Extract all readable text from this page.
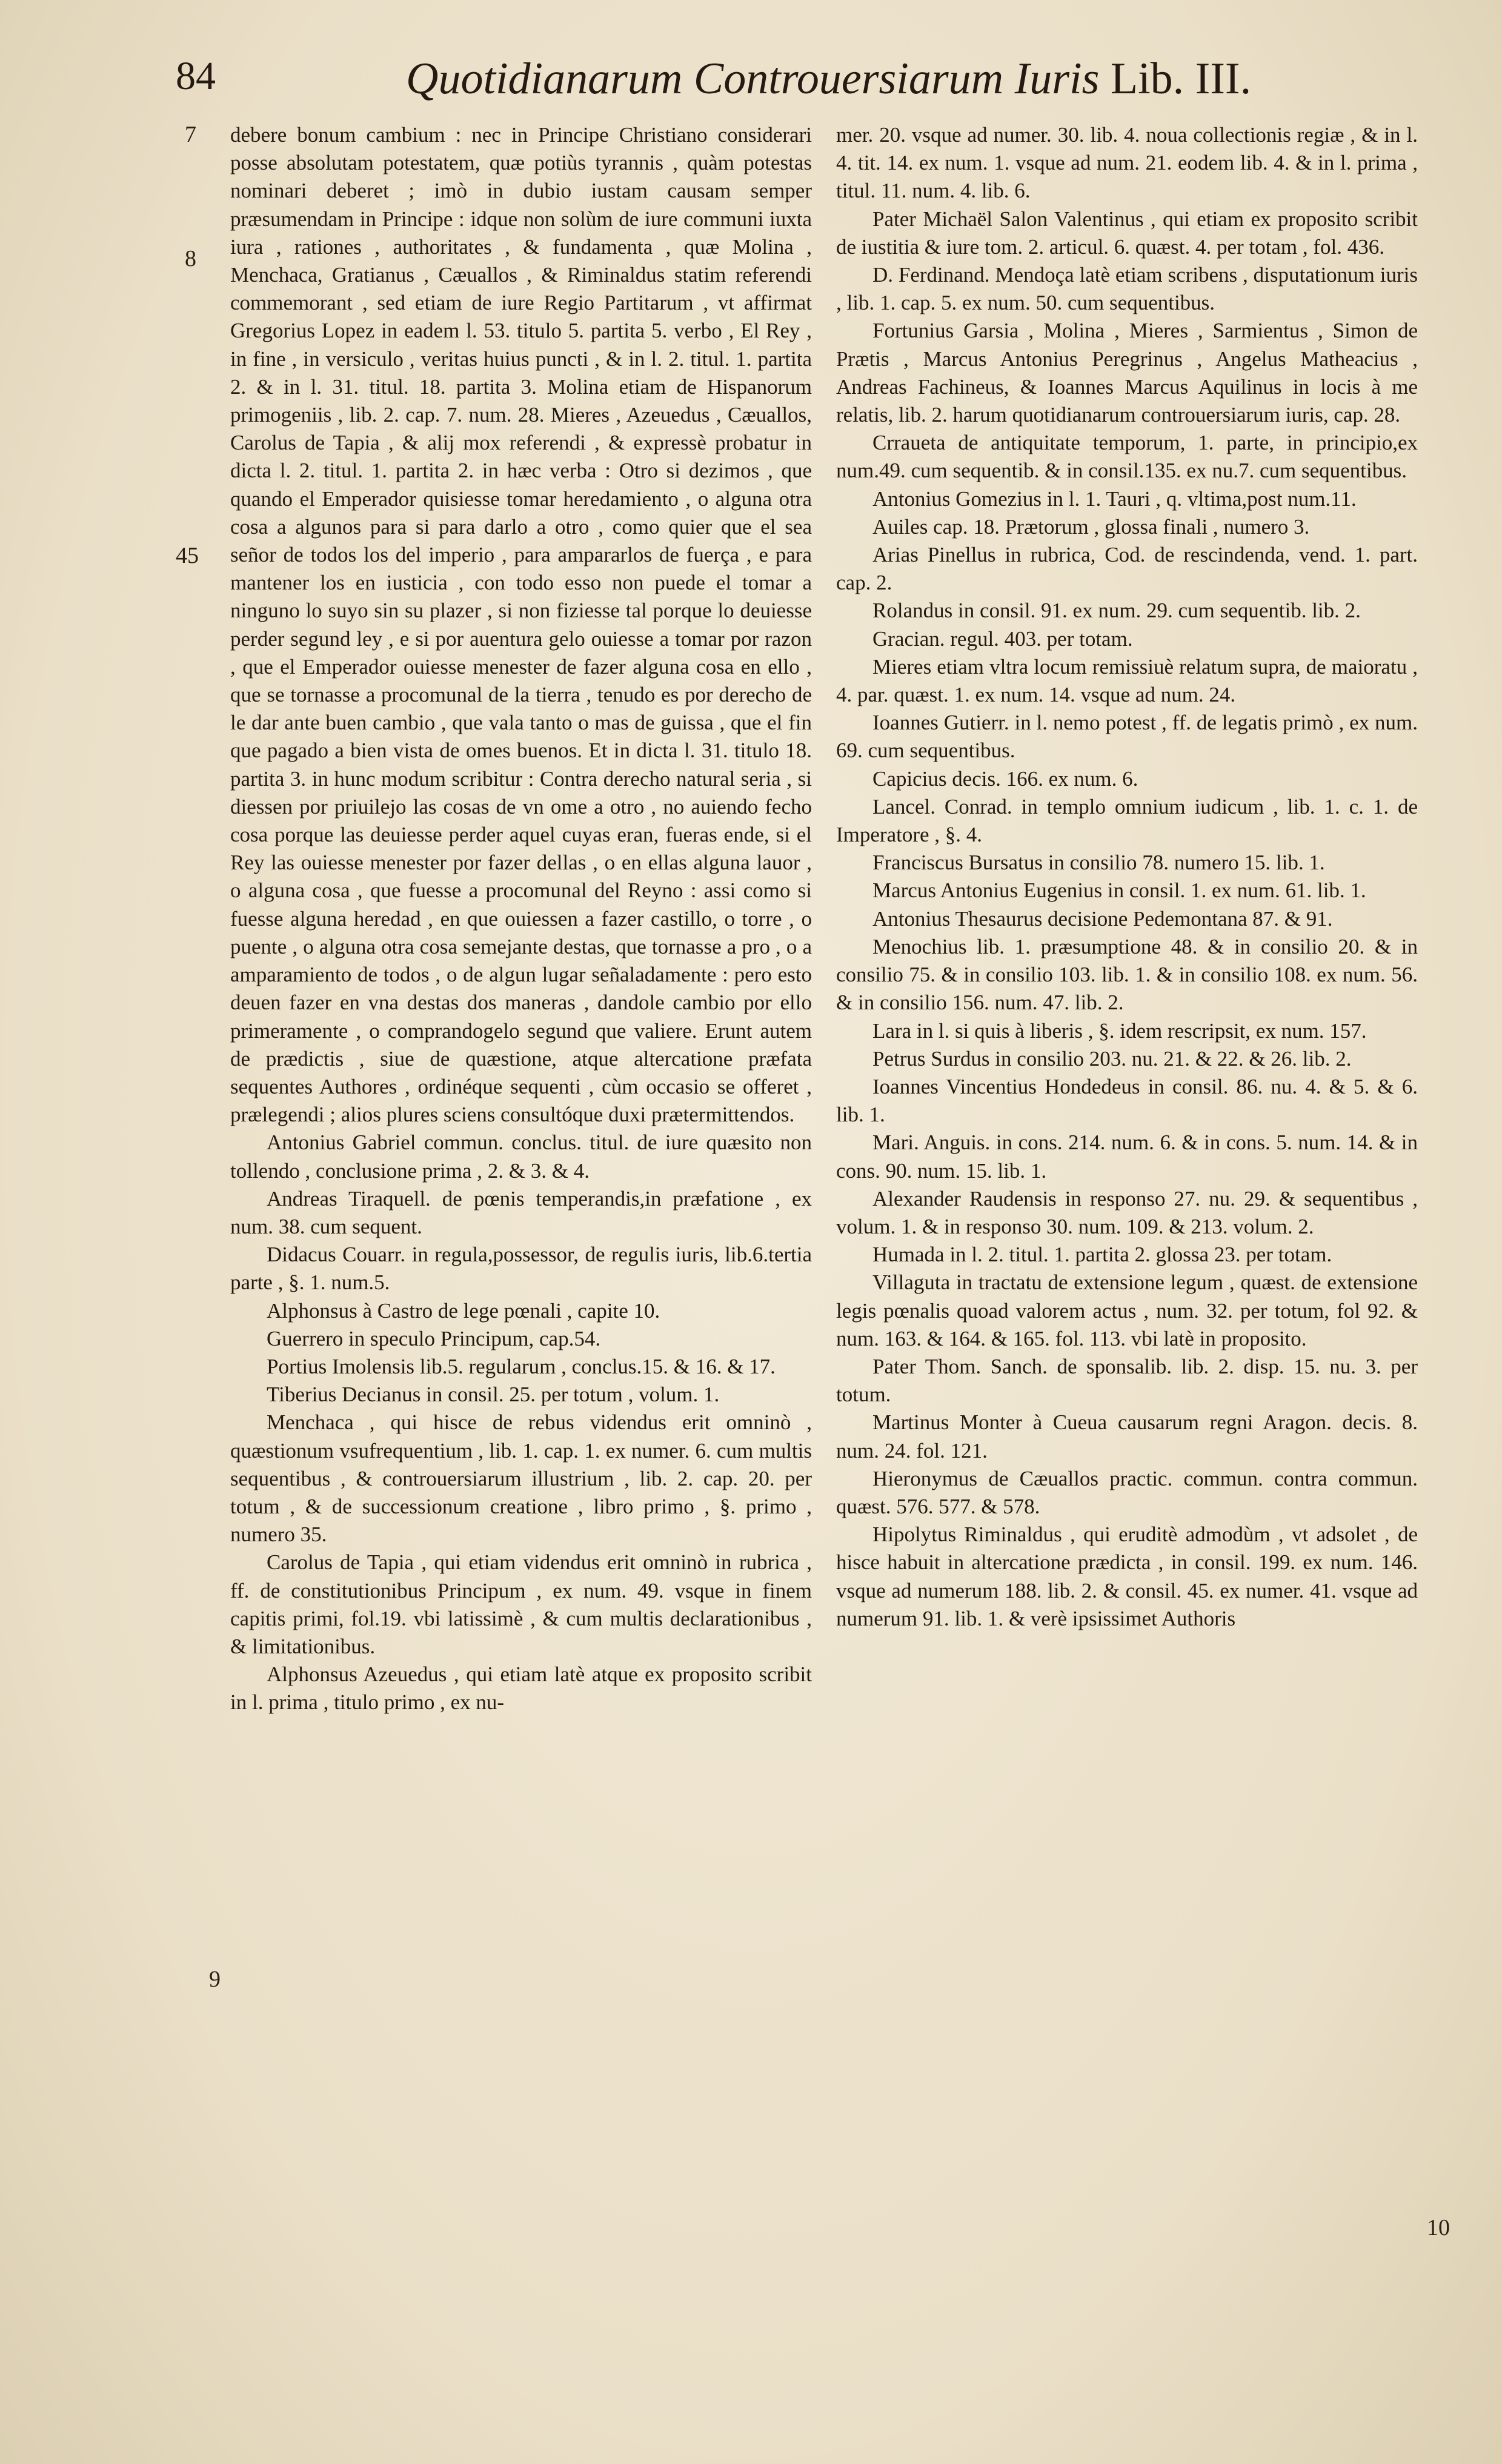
84	Quotidianarum Controuersiarum Iuris Lib. III.
7
8
45
9
10

debere bonum cambium : nec in Principe Christiano considerari posse absolutam potestatem, quæ potiùs tyrannis , quàm potestas nominari deberet ; imò in dubio iustam causam semper præsumendam in Principe : idque non solùm de iure communi iuxta iura , rationes , authoritates , & fundamenta , quæ Molina , Menchaca, Gratianus , Cæuallos , & Riminaldus statim referendi commemorant , sed etiam de iure Regio Partitarum , vt affirmat Gregorius Lopez in eadem l. 53. titulo 5. partita 5. verbo , El Rey , in fine , in versiculo , veritas huius puncti , & in l. 2. titul. 1. partita 2. & in l. 31. titul. 18. partita 3. Molina etiam de Hispanorum primogeniis , lib. 2. cap. 7. num. 28. Mieres , Azeuedus , Cæuallos, Carolus de Tapia , & alij mox referendi , & expressè probatur in dicta l. 2. titul. 1. partita 2. in hæc verba : Otro si dezimos , que quando el Emperador quisiesse tomar heredamiento , o alguna otra cosa a algunos para si para darlo a otro , como quier que el sea señor de todos los del imperio , para ampararlos de fuerça , e para mantener los en iusticia , con todo esso non puede el tomar a ninguno lo suyo sin su plazer , si non fiziesse tal porque lo deuiesse perder segund ley , e si por auentura gelo ouiesse a tomar por razon , que el Emperador ouiesse menester de fazer alguna cosa en ello , que se tornasse a procomunal de la tierra , tenudo es por derecho de le dar ante buen cambio , que vala tanto o mas de guissa , que el fin que pagado a bien vista de omes buenos. Et in dicta l. 31. titulo 18. partita 3. in hunc modum scribitur : Contra derecho natural seria , si diessen por priuilejo las cosas de vn ome a otro , no auiendo fecho cosa porque las deuiesse perder aquel cuyas eran, fueras ende, si el Rey las ouiesse menester por fazer dellas , o en ellas alguna lauor , o alguna cosa , que fuesse a procomunal del Reyno : assi como si fuesse alguna heredad , en que ouiessen a fazer castillo, o torre , o puente , o alguna otra cosa semejante destas, que tornasse a pro , o a amparamiento de todos , o de algun lugar señaladamente : pero esto deuen fazer en vna destas dos maneras , dandole cambio por ello primeramente , o comprandogelo segund que valiere. Erunt autem de prædictis , siue de quæstione, atque altercatione præfata sequentes Authores , ordinéque sequenti , cùm occasio se offeret , prælegendi ; alios plures sciens consultóque duxi prætermittendos.

Antonius Gabriel commun. conclus. titul. de iure quæsito non tollendo , conclusione prima , 2. & 3. & 4.

Andreas Tiraquell. de pœnis temperandis,in præfatione , ex num. 38. cum sequent.

Didacus Couarr. in regula,possessor, de regulis iuris, lib.6.tertia parte , §. 1. num.5.

Alphonsus à Castro de lege pœnali , capite 10.

Guerrero in speculo Principum, cap.54.

Portius Imolensis lib.5. regularum , conclus.15. & 16. & 17.

Tiberius Decianus in consil. 25. per totum , volum. 1.

Menchaca , qui hisce de rebus videndus erit omninò , quæstionum vsufrequentium , lib. 1. cap. 1. ex numer. 6. cum multis sequentibus , & controuersiarum illustrium , lib. 2. cap. 20. per totum , & de successionum creatione , libro primo , §. primo , numero 35.

Carolus de Tapia , qui etiam videndus erit omninò in rubrica , ff. de constitutionibus Principum , ex num. 49. vsque in finem capitis primi, fol.19. vbi latissimè , & cum multis declarationibus , & limitationibus.

Alphonsus Azeuedus , qui etiam latè atque ex proposito scribit in l. prima , titulo primo , ex nu-

mer. 20. vsque ad numer. 30. lib. 4. noua collectionis regiæ , & in l. 4. tit. 14. ex num. 1. vsque ad num. 21. eodem lib. 4. & in l. prima , titul. 11. num. 4. lib. 6.

Pater Michaël Salon Valentinus , qui etiam ex proposito scribit de iustitia & iure tom. 2. articul. 6. quæst. 4. per totam , fol. 436.

D. Ferdinand. Mendoça latè etiam scribens , disputationum iuris , lib. 1. cap. 5. ex num. 50. cum sequentibus.

Fortunius Garsia , Molina , Mieres , Sarmientus , Simon de Prætis , Marcus Antonius Peregrinus , Angelus Matheacius , Andreas Fachineus, & Ioannes Marcus Aquilinus in locis à me relatis, lib. 2. harum quotidianarum controuersiarum iuris, cap. 28.

Crraueta de antiquitate temporum, 1. parte, in principio,ex num.49. cum sequentib. & in consil.135. ex nu.7. cum sequentibus.

Antonius Gomezius in l. 1. Tauri , q. vltima,post num.11.

Auiles cap. 18. Prætorum , glossa finali , numero 3.

Arias Pinellus in rubrica, Cod. de rescindenda, vend. 1. part. cap. 2.

Rolandus in consil. 91. ex num. 29. cum sequentib. lib. 2.

Gracian. regul. 403. per totam.

Mieres etiam vltra locum remissiuè relatum supra, de maioratu , 4. par. quæst. 1. ex num. 14. vsque ad num. 24.

Ioannes Gutierr. in l. nemo potest , ff. de legatis primò , ex num. 69. cum sequentibus.

Capicius decis. 166. ex num. 6.

Lancel. Conrad. in templo omnium iudicum , lib. 1. c. 1. de Imperatore , §. 4.

Franciscus Bursatus in consilio 78. numero 15. lib. 1.

Marcus Antonius Eugenius in consil. 1. ex num. 61. lib. 1.

Antonius Thesaurus decisione Pedemontana 87. & 91.

Menochius lib. 1. præsumptione 48. & in consilio 20. & in consilio 75. & in consilio 103. lib. 1. & in consilio 108. ex num. 56. & in consilio 156. num. 47. lib. 2.

Lara in l. si quis à liberis , §. idem rescripsit, ex num. 157.

Petrus Surdus in consilio 203. nu. 21. & 22. & 26. lib. 2.

Ioannes Vincentius Hondedeus in consil. 86. nu. 4. & 5. & 6. lib. 1.

Mari. Anguis. in cons. 214. num. 6. & in cons. 5. num. 14. & in cons. 90. num. 15. lib. 1.

Alexander Raudensis in responso 27. nu. 29. & sequentibus , volum. 1. & in responso 30. num. 109. & 213. volum. 2.

Humada in l. 2. titul. 1. partita 2. glossa 23. per totam.

Villaguta in tractatu de extensione legum , quæst. de extensione legis pœnalis quoad valorem actus , num. 32. per totum, fol 92. & num. 163. & 164. & 165. fol. 113. vbi latè in proposito.

Pater Thom. Sanch. de sponsalib. lib. 2. disp. 15. nu. 3. per totum.

Martinus Monter à Cueua causarum regni Aragon. decis. 8. num. 24. fol. 121.

Hieronymus de Cæuallos practic. commun. contra commun. quæst. 576. 577. & 578.

Hipolytus Riminaldus , qui eruditè admodùm , vt adsolet , de hisce habuit in altercatione prædicta , in consil. 199. ex num. 146. vsque ad numerum 188. lib. 2. & consil. 45. ex numer. 41. vsque ad numerum 91. lib. 1. & verè ipsissimet Authoris
